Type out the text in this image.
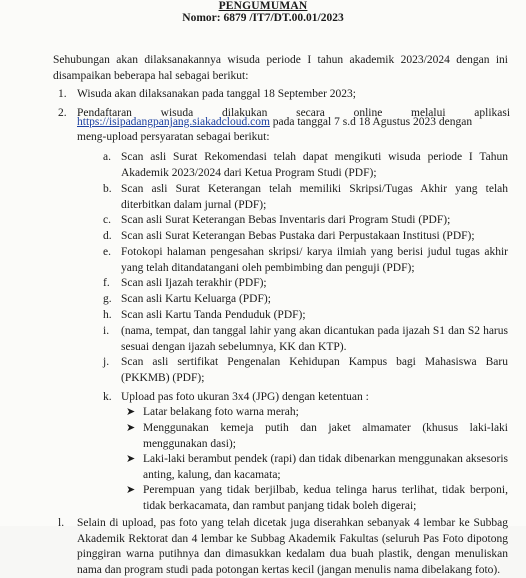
PENGUMUMAN
Nomor: 6879 /IT7/DT.00.01/2023
Sehubungan akan dilaksanakannya wisuda periode I tahun akademik 2023/2024 dengan ini disampaikan beberapa hal sebagai berikut:
1. Wisuda akan dilaksanakan pada tanggal 18 September 2023;
2. Pendaftaran          wisuda          dilakukan          secara          online          melalui          aplikasi
https://isipadangpanjang.siakadcloud.com pada tanggal 7 s.d 18 Agustus 2023 dengan
meng-upload persyaratan sebagai berikut:
a. Scan asli Surat Rekomendasi telah dapat mengikuti wisuda periode I Tahun Akademik 2023/2024 dari Ketua Program Studi (PDF);
b. Scan asli Surat Keterangan telah memiliki Skripsi/Tugas Akhir yang telah diterbitkan dalam jurnal (PDF);
c. Scan asli Surat Keterangan Bebas Inventaris dari Program Studi (PDF);
d. Scan asli Surat Keterangan Bebas Pustaka dari Perpustakaan Institusi (PDF);
e. Fotokopi halaman pengesahan skripsi/ karya ilmiah yang berisi judul tugas akhir yang telah ditandatangani oleh pembimbing dan penguji (PDF);
f. Scan asli Ijazah terakhir (PDF);
g. Scan asli Kartu Keluarga (PDF);
h. Scan asli Kartu Tanda Penduduk (PDF);
i. (nama, tempat, dan tanggal lahir yang akan dicantukan pada ijazah S1 dan S2 harus sesuai dengan ijazah sebelumnya, KK dan KTP).
j. Scan asli sertifikat Pengenalan Kehidupan Kampus bagi Mahasiswa Baru (PKKMB) (PDF);
k. Upload pas foto ukuran 3x4 (JPG) dengan ketentuan :
➤ Latar belakang foto warna merah;
➤ Menggunakan kemeja putih dan jaket almamater (khusus laki-laki menggunakan dasi);
➤ Laki-laki berambut pendek (rapi) dan tidak dibenarkan menggunakan aksesoris anting, kalung, dan kacamata;
➤ Perempuan yang tidak berjilbab, kedua telinga harus terlihat, tidak berponi, tidak berkacamata, dan rambut panjang tidak boleh digerai;
l. Selain di upload, pas foto yang telah dicetak juga diserahkan sebanyak 4 lembar ke Subbag Akademik Rektorat dan 4 lembar ke Subbag Akademik Fakultas (seluruh Pas Foto dipotong pinggiran warna putihnya dan dimasukkan kedalam dua buah plastik, dengan menuliskan nama dan program studi pada potongan kertas kecil (jangan menulis nama dibelakang foto).
